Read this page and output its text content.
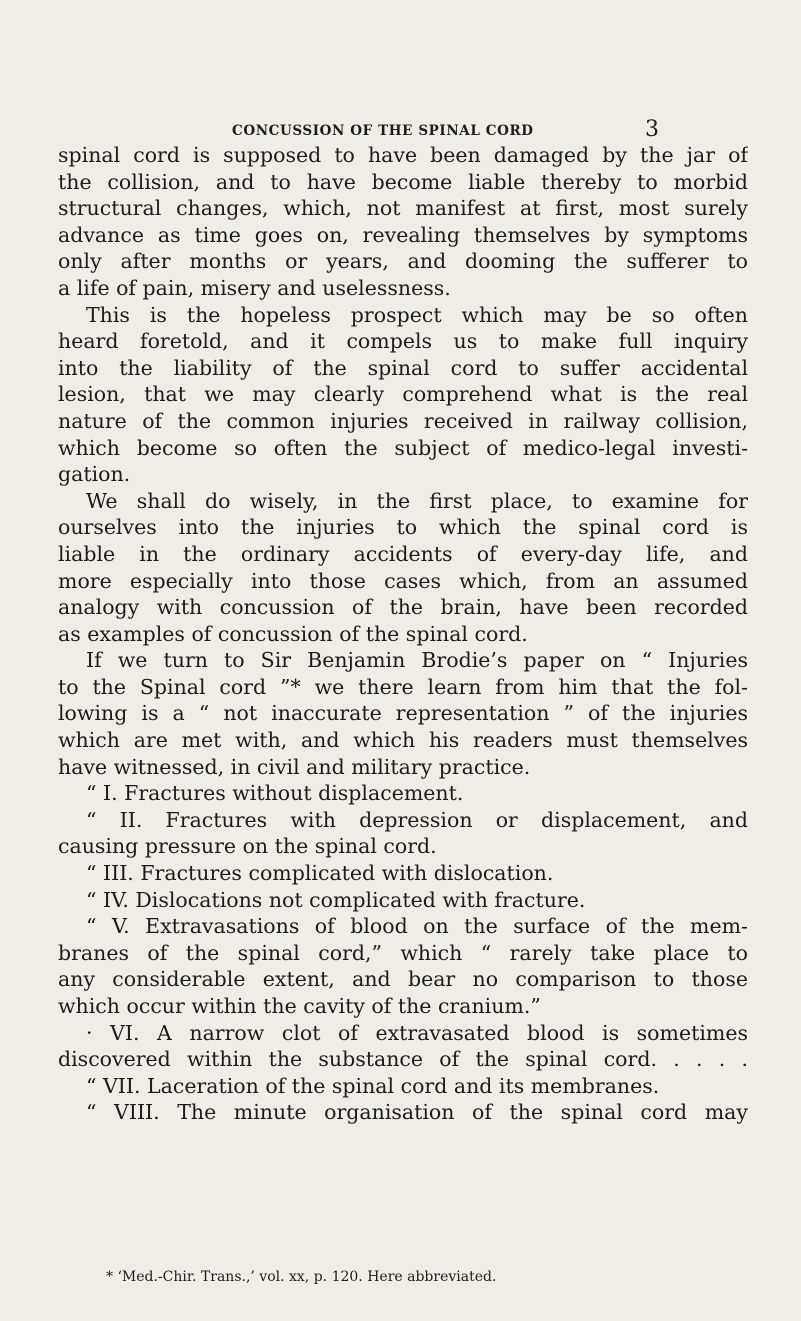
CONCUSSION OF THE SPINAL CORD	3
spinal cord is supposed to have been damaged by the jar of
the collision, and to have become liable thereby to morbid
structural changes, which, not manifest at first, most surely
advance as time goes on, revealing themselves by symptoms
only after months or years, and dooming the sufferer to
a life of pain, misery and uselessness.
This is the hopeless prospect which may be so often
heard foretold, and it compels us to make full inquiry
into the liability of the spinal cord to suffer accidental
lesion, that we may clearly comprehend what is the real
nature of the common injuries received in railway collision,
which become so often the subject of medico-legal investi-
gation.
We shall do wisely, in the first place, to examine for
ourselves into the injuries to which the spinal cord is
liable in the ordinary accidents of every-day life, and
more especially into those cases which, from an assumed
analogy with concussion of the brain, have been recorded
as examples of concussion of the spinal cord.
If we turn to Sir Benjamin Brodie’s paper on “ Injuries
to the Spinal cord ”* we there learn from him that the fol-
lowing is a “ not inaccurate representation ” of the injuries
which are met with, and which his readers must themselves
have witnessed, in civil and military practice.
“ I. Fractures without displacement.
“ II. Fractures with depression or displacement, and
causing pressure on the spinal cord.
“ III. Fractures complicated with dislocation.
“ IV. Dislocations not complicated with fracture.
“ V. Extravasations of blood on the surface of the mem-
branes of the spinal cord,” which “ rarely take place to
any considerable extent, and bear no comparison to those
which occur within the cavity of the cranium.”
· VI. A narrow clot of extravasated blood is sometimes
discovered within the substance of the spinal cord. . . . .
“ VII. Laceration of the spinal cord and its membranes.
“ VIII. The minute organisation of the spinal cord may
* ‘Med.-Chir. Trans.,’ vol. xx, p. 120. Here abbreviated.
